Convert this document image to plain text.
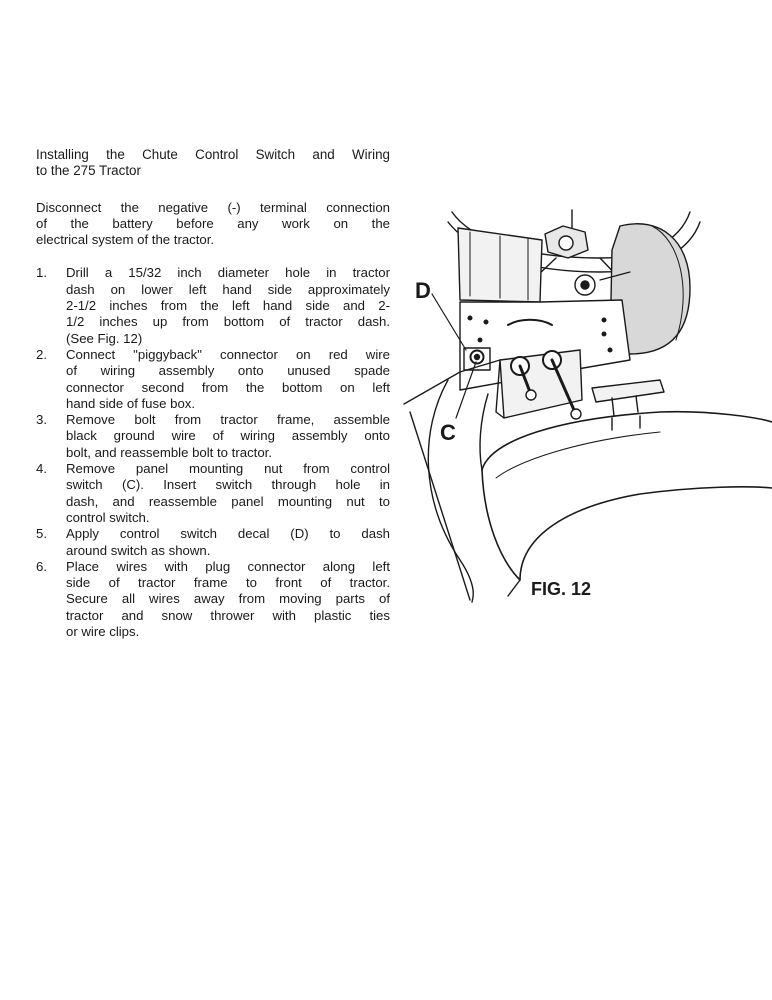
Installing the Chute Control Switch and Wiring
to the 275 Tractor

Disconnect the negative (-) terminal connection
of the battery before any work on the
electrical system of the tractor.

1. Drill a 15/32 inch diameter hole in tractor
dash on lower left hand side approximately
2-1/2 inches from the left hand side and 2-
1/2 inches up from bottom of tractor dash.
(See Fig. 12)
2. Connect "piggyback" connector on red wire
of wiring assembly onto unused spade
connector second from the bottom on left
hand side of fuse box.
3. Remove bolt from tractor frame, assemble
black ground wire of wiring assembly onto
bolt, and reassemble bolt to tractor.
4. Remove panel mounting nut from control
switch (C). Insert switch through hole in
dash, and reassemble panel mounting nut to
control switch.
5. Apply control switch decal (D) to dash
around switch as shown.
6. Place wires with plug connector along left
side of tractor frame to front of tractor.
Secure all wires away from moving parts of
tractor and snow thrower with plastic ties
or wire clips.
D
C
FIG. 12
